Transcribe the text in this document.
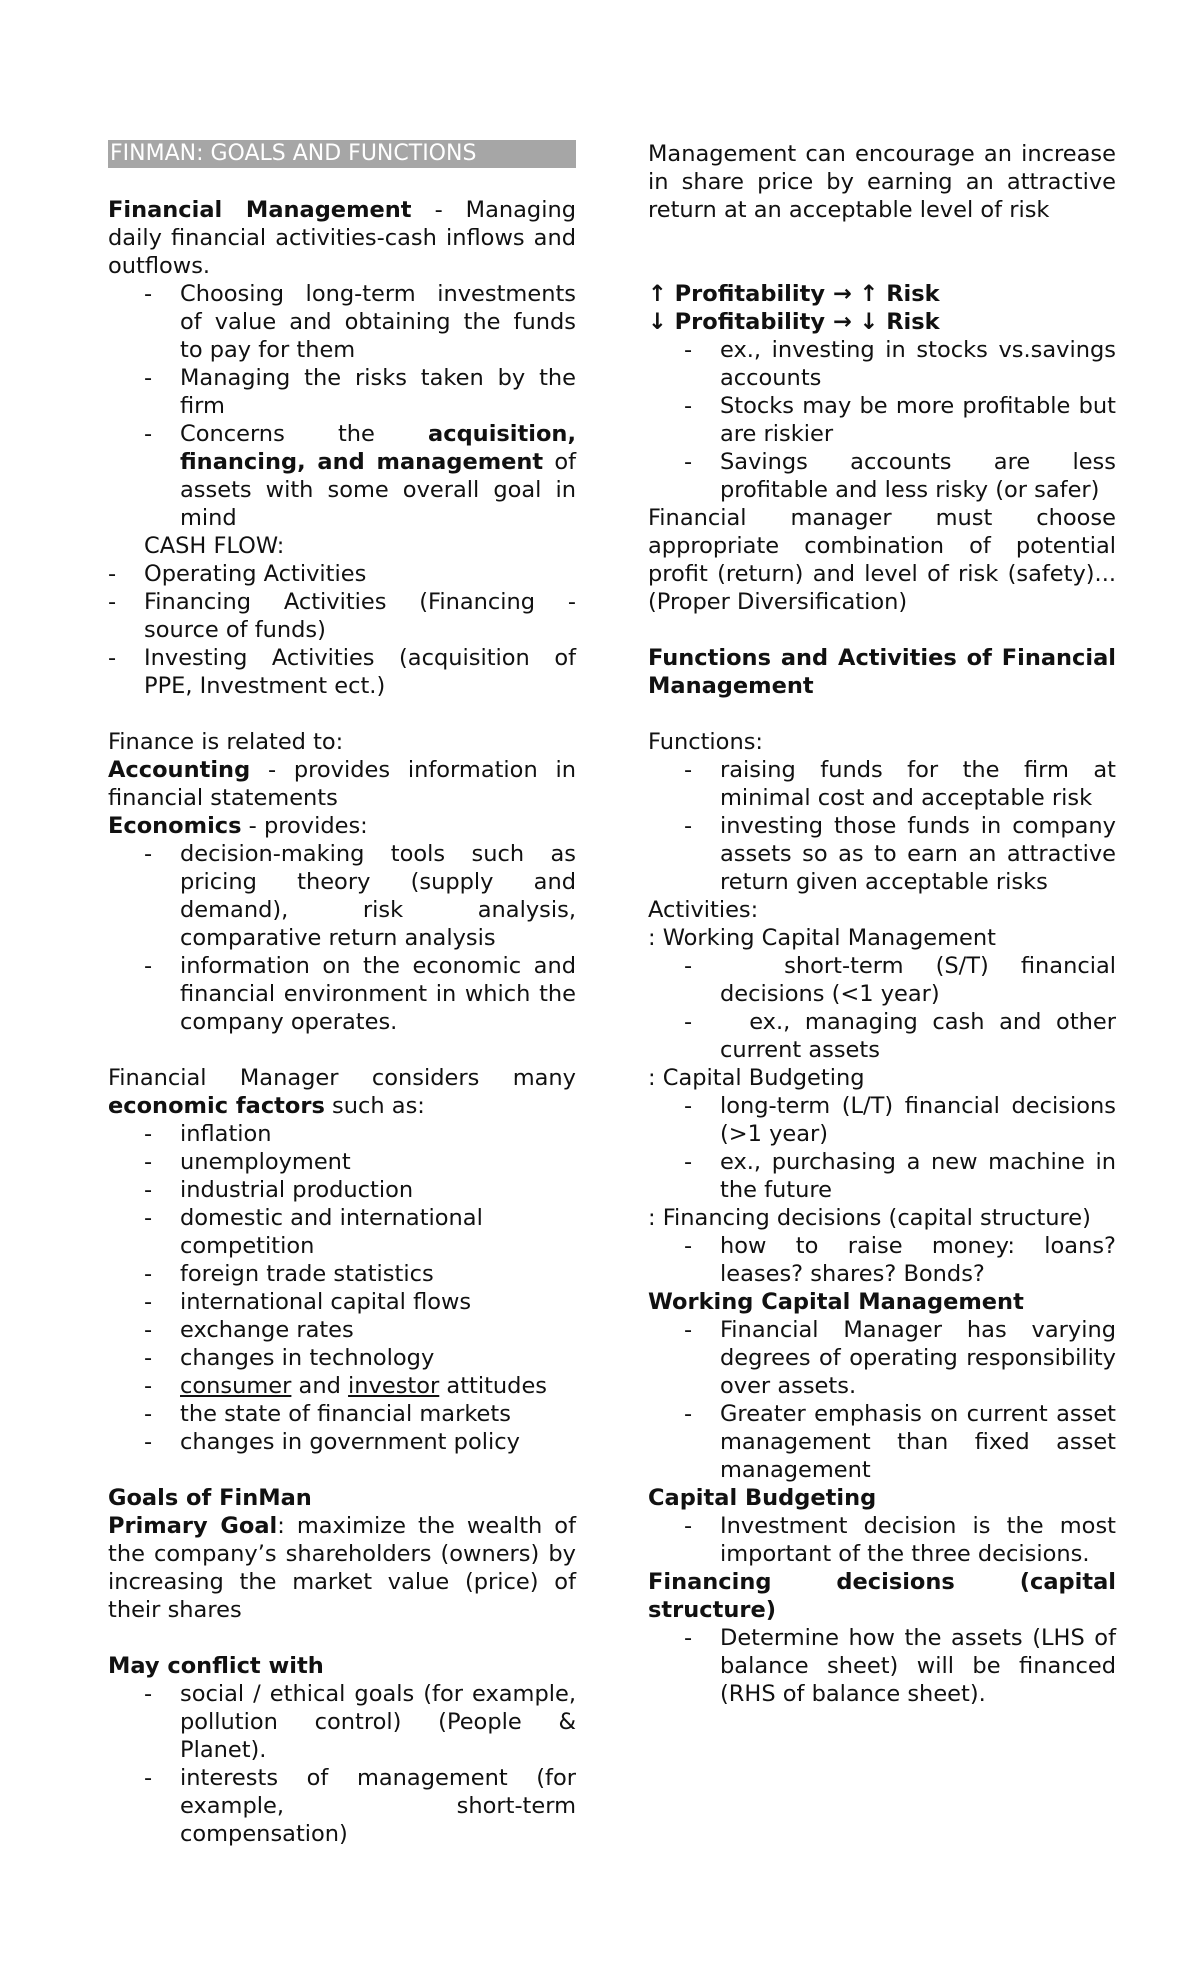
FINMAN: GOALS AND FUNCTIONS

Financial Management - Managing daily financial activities-cash inflows and outflows.

- Choosing long-term investments of value and obtaining the funds to pay for them
- Managing the risks taken by the firm
- Concerns the acquisition, financing, and management of assets with some overall goal in mind

CASH FLOW:

- Operating Activities
- Financing Activities (Financing - source of funds)
- Investing Activities (acquisition of PPE, Investment ect.)

Finance is related to:

Accounting - provides information in financial statements

Economics - provides:

- decision-making tools such as pricing theory (supply and demand), risk analysis, comparative return analysis
- information on the economic and financial environment in which the company operates.

Financial Manager considers many economic factors such as:

- inflation
- unemployment
- industrial production
- domestic and international competition
- foreign trade statistics
- international capital flows
- exchange rates
- changes in technology
- consumer and investor attitudes
- the state of financial markets
- changes in government policy

Goals of FinMan

Primary Goal: maximize the wealth of the company’s shareholders (owners) by increasing the market value (price) of their shares

May conflict with

- social / ethical goals (for example, pollution control) (People & Planet).
- interests of management (for example, short-term compensation)

Management can encourage an increase in share price by earning an attractive return at an acceptable level of risk

↑ Profitability → ↑ Risk

↓ Profitability → ↓ Risk

- ex., investing in stocks vs.savings accounts
- Stocks may be more profitable but are riskier
- Savings accounts are less profitable and less risky (or safer)

Financial manager must choose appropriate combination of potential profit (return) and level of risk (safety)... (Proper Diversification)

Functions and Activities of Financial Management

Functions:

- raising funds for the firm at minimal cost and acceptable risk
- investing those funds in company assets so as to earn an attractive return given acceptable risks

Activities:

: Working Capital Management

-   short-term (S/T) financial decisions (<1 year)
-   ex., managing cash and other current assets

: Capital Budgeting

- long-term (L/T) financial decisions (>1 year)
- ex., purchasing a new machine in the future

: Financing decisions (capital structure)

- how to raise money: loans? leases? shares? Bonds?

Working Capital Management

- Financial Manager has varying degrees of operating responsibility over assets.
- Greater emphasis on current asset management than fixed asset management

Capital Budgeting

- Investment decision is the most important of the three decisions.

Financing decisions (capital structure)

- Determine how the assets (LHS of balance sheet) will be financed (RHS of balance sheet).
